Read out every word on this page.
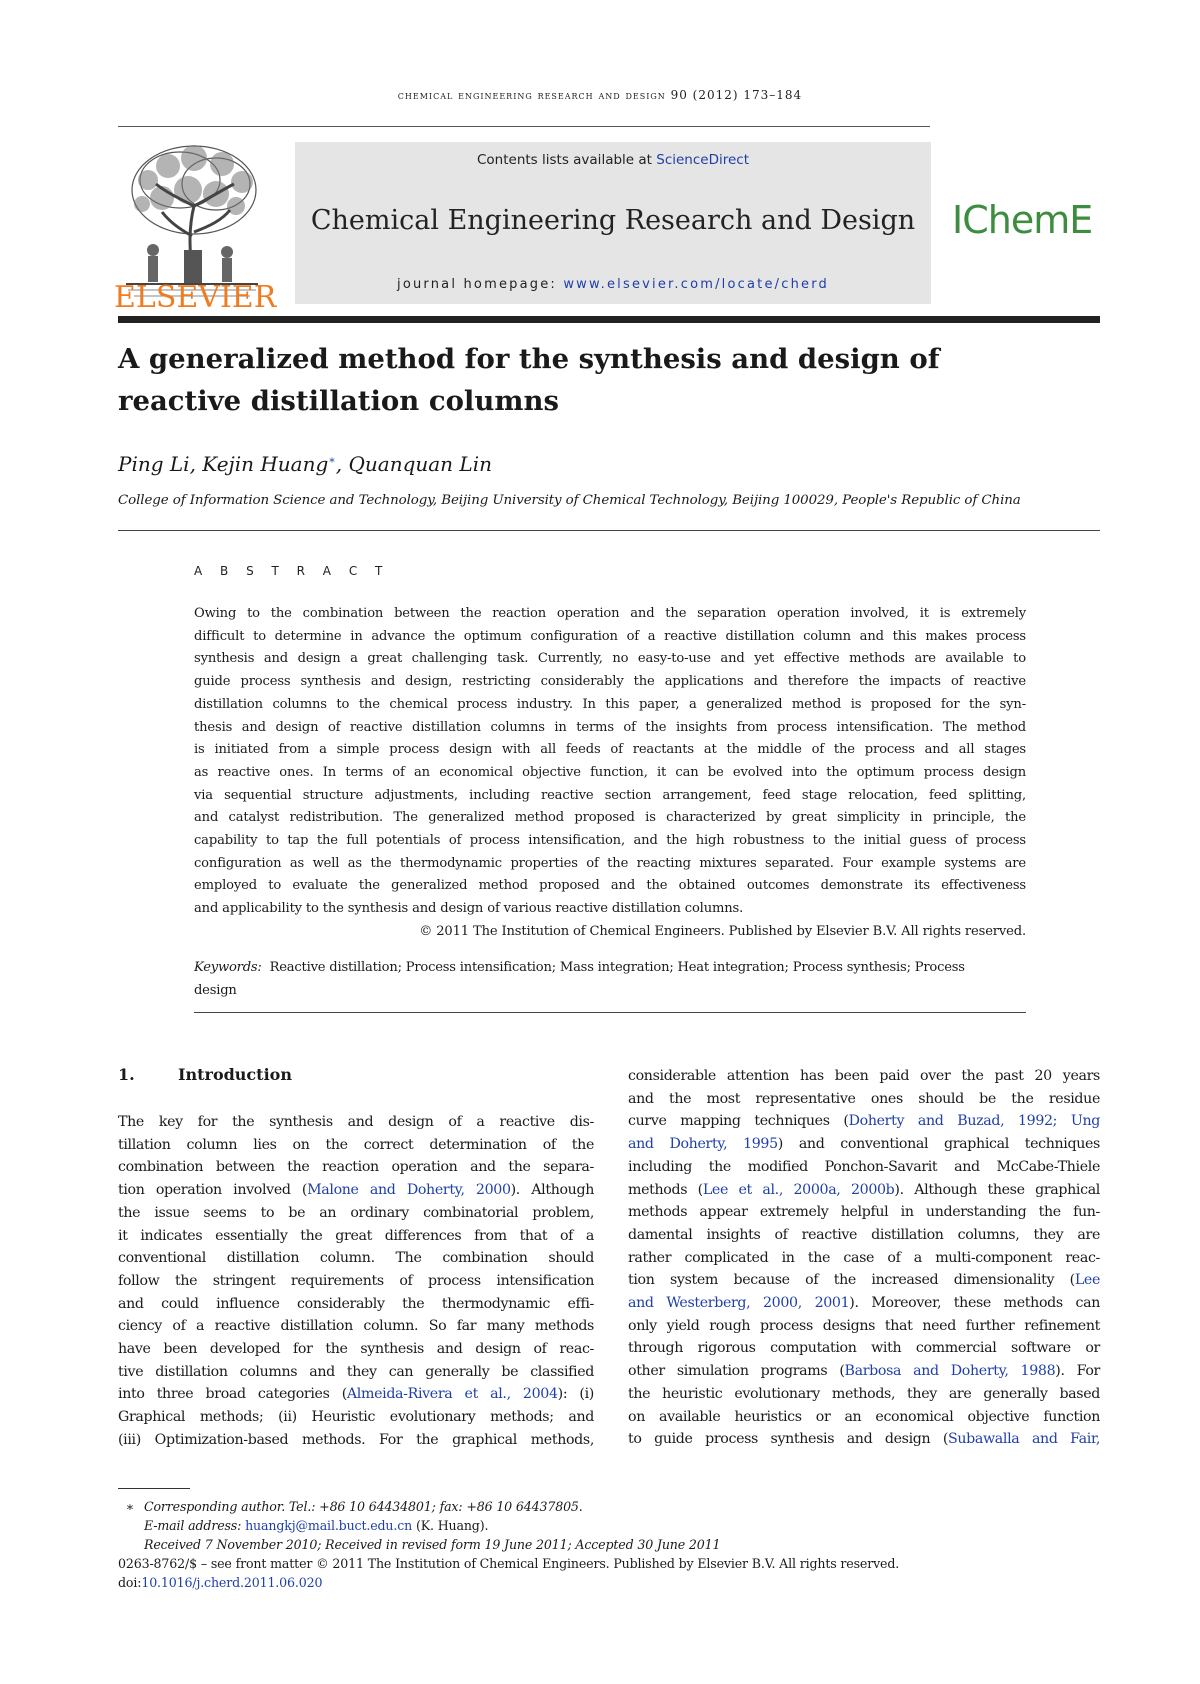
chemical engineering research and design 90 (2012) 173–184
ELSEVIER
Contents lists available at ScienceDirect
Chemical Engineering Research and Design
journal homepage: www.elsevier.com/locate/cherd
IChemE
A generalized method for the synthesis and design of
reactive distillation columns
Ping Li, Kejin Huang∗, Quanquan Lin
College of Information Science and Technology, Beijing University of Chemical Technology, Beijing 100029, People's Republic of China
A B S T R A C T
Owing to the combination between the reaction operation and the separation operation involved, it is extremely
difficult to determine in advance the optimum configuration of a reactive distillation column and this makes process
synthesis and design a great challenging task. Currently, no easy-to-use and yet effective methods are available to
guide process synthesis and design, restricting considerably the applications and therefore the impacts of reactive
distillation columns to the chemical process industry. In this paper, a generalized method is proposed for the syn-
thesis and design of reactive distillation columns in terms of the insights from process intensification. The method
is initiated from a simple process design with all feeds of reactants at the middle of the process and all stages
as reactive ones. In terms of an economical objective function, it can be evolved into the optimum process design
via sequential structure adjustments, including reactive section arrangement, feed stage relocation, feed splitting,
and catalyst redistribution. The generalized method proposed is characterized by great simplicity in principle, the
capability to tap the full potentials of process intensification, and the high robustness to the initial guess of process
configuration as well as the thermodynamic properties of the reacting mixtures separated. Four example systems are
employed to evaluate the generalized method proposed and the obtained outcomes demonstrate its effectiveness
and applicability to the synthesis and design of various reactive distillation columns.
© 2011 The Institution of Chemical Engineers. Published by Elsevier B.V. All rights reserved.
Keywords: Reactive distillation; Process intensification; Mass integration; Heat integration; Process synthesis; Process
design
1.	Introduction
The key for the synthesis and design of a reactive dis-
tillation column lies on the correct determination of the
combination between the reaction operation and the separa-
tion operation involved (Malone and Doherty, 2000). Although
the issue seems to be an ordinary combinatorial problem,
it indicates essentially the great differences from that of a
conventional distillation column. The combination should
follow the stringent requirements of process intensification
and could influence considerably the thermodynamic effi-
ciency of a reactive distillation column. So far many methods
have been developed for the synthesis and design of reac-
tive distillation columns and they can generally be classified
into three broad categories (Almeida-Rivera et al., 2004): (i)
Graphical methods; (ii) Heuristic evolutionary methods; and
(iii) Optimization-based methods. For the graphical methods,
considerable attention has been paid over the past 20 years
and the most representative ones should be the residue
curve mapping techniques (Doherty and Buzad, 1992; Ung
and Doherty, 1995) and conventional graphical techniques
including the modified Ponchon-Savarit and McCabe-Thiele
methods (Lee et al., 2000a, 2000b). Although these graphical
methods appear extremely helpful in understanding the fun-
damental insights of reactive distillation columns, they are
rather complicated in the case of a multi-component reac-
tion system because of the increased dimensionality (Lee
and Westerberg, 2000, 2001). Moreover, these methods can
only yield rough process designs that need further refinement
through rigorous computation with commercial software or
other simulation programs (Barbosa and Doherty, 1988). For
the heuristic evolutionary methods, they are generally based
on available heuristics or an economical objective function
to guide process synthesis and design (Subawalla and Fair,
∗ Corresponding author. Tel.: +86 10 64434801; fax: +86 10 64437805.
E-mail address: huangkj@mail.buct.edu.cn (K. Huang).
Received 7 November 2010; Received in revised form 19 June 2011; Accepted 30 June 2011
0263-8762/$ – see front matter © 2011 The Institution of Chemical Engineers. Published by Elsevier B.V. All rights reserved.
doi:10.1016/j.cherd.2011.06.020
